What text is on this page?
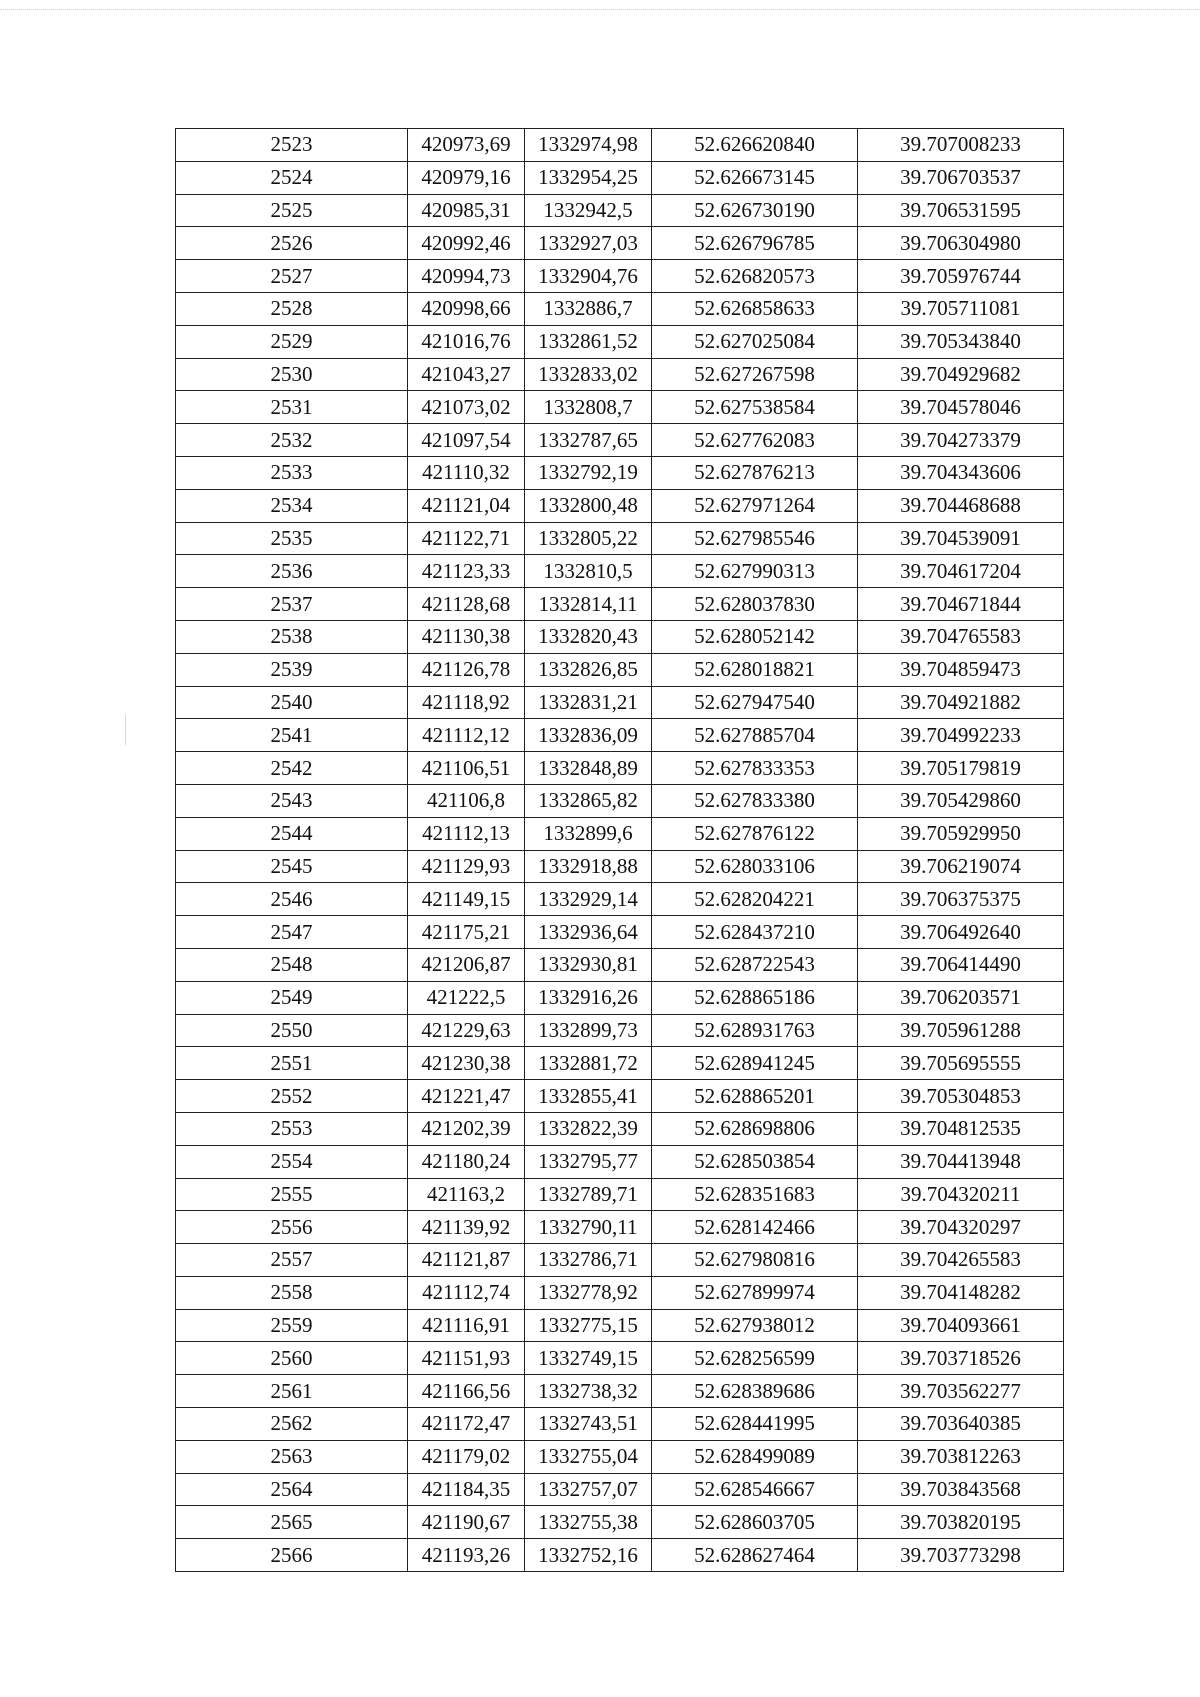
2523	420973,69	1332974,98	52.626620840	39.707008233
2524	420979,16	1332954,25	52.626673145	39.706703537
2525	420985,31	1332942,5	52.626730190	39.706531595
2526	420992,46	1332927,03	52.626796785	39.706304980
2527	420994,73	1332904,76	52.626820573	39.705976744
2528	420998,66	1332886,7	52.626858633	39.705711081
2529	421016,76	1332861,52	52.627025084	39.705343840
2530	421043,27	1332833,02	52.627267598	39.704929682
2531	421073,02	1332808,7	52.627538584	39.704578046
2532	421097,54	1332787,65	52.627762083	39.704273379
2533	421110,32	1332792,19	52.627876213	39.704343606
2534	421121,04	1332800,48	52.627971264	39.704468688
2535	421122,71	1332805,22	52.627985546	39.704539091
2536	421123,33	1332810,5	52.627990313	39.704617204
2537	421128,68	1332814,11	52.628037830	39.704671844
2538	421130,38	1332820,43	52.628052142	39.704765583
2539	421126,78	1332826,85	52.628018821	39.704859473
2540	421118,92	1332831,21	52.627947540	39.704921882
2541	421112,12	1332836,09	52.627885704	39.704992233
2542	421106,51	1332848,89	52.627833353	39.705179819
2543	421106,8	1332865,82	52.627833380	39.705429860
2544	421112,13	1332899,6	52.627876122	39.705929950
2545	421129,93	1332918,88	52.628033106	39.706219074
2546	421149,15	1332929,14	52.628204221	39.706375375
2547	421175,21	1332936,64	52.628437210	39.706492640
2548	421206,87	1332930,81	52.628722543	39.706414490
2549	421222,5	1332916,26	52.628865186	39.706203571
2550	421229,63	1332899,73	52.628931763	39.705961288
2551	421230,38	1332881,72	52.628941245	39.705695555
2552	421221,47	1332855,41	52.628865201	39.705304853
2553	421202,39	1332822,39	52.628698806	39.704812535
2554	421180,24	1332795,77	52.628503854	39.704413948
2555	421163,2	1332789,71	52.628351683	39.704320211
2556	421139,92	1332790,11	52.628142466	39.704320297
2557	421121,87	1332786,71	52.627980816	39.704265583
2558	421112,74	1332778,92	52.627899974	39.704148282
2559	421116,91	1332775,15	52.627938012	39.704093661
2560	421151,93	1332749,15	52.628256599	39.703718526
2561	421166,56	1332738,32	52.628389686	39.703562277
2562	421172,47	1332743,51	52.628441995	39.703640385
2563	421179,02	1332755,04	52.628499089	39.703812263
2564	421184,35	1332757,07	52.628546667	39.703843568
2565	421190,67	1332755,38	52.628603705	39.703820195
2566	421193,26	1332752,16	52.628627464	39.703773298
